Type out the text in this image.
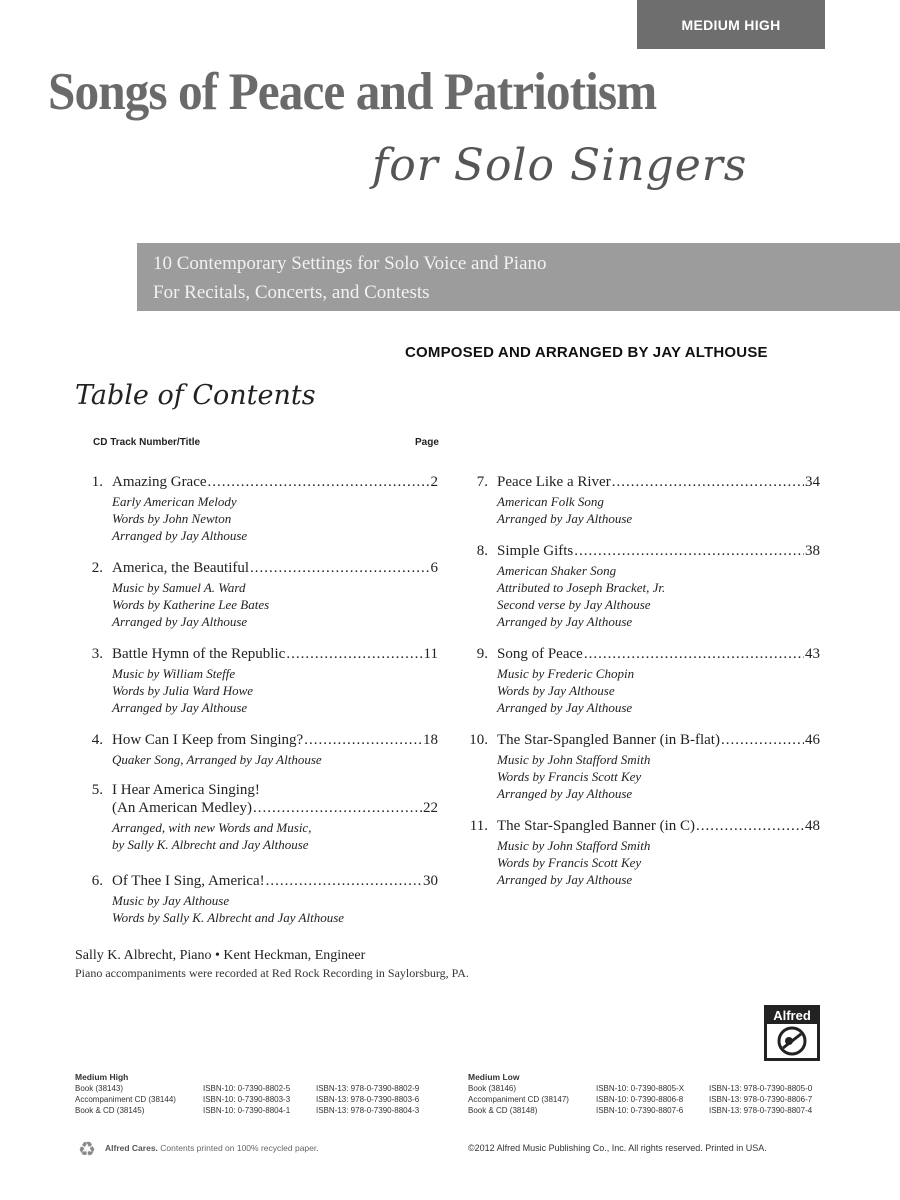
MEDIUM HIGH
Songs of Peace and Patriotism
for Solo Singers
10 Contemporary Settings for Solo Voice and Piano
For Recitals, Concerts, and Contests
COMPOSED AND ARRANGED BY JAY ALTHOUSE
Table of Contents
CD Track Number/Title	Page
1. Amazing Grace .....	2
Early American Melody
Words by John Newton
Arranged by Jay Althouse
2. America, the Beautiful .....	6
Music by Samuel A. Ward
Words by Katherine Lee Bates
Arranged by Jay Althouse
3. Battle Hymn of the Republic .....	11
Music by William Steffe
Words by Julia Ward Howe
Arranged by Jay Althouse
4. How Can I Keep from Singing? .....	18
Quaker Song, Arranged by Jay Althouse
5. I Hear America Singing!
(An American Medley) .....	22
Arranged, with new Words and Music,
by Sally K. Albrecht and Jay Althouse
6. Of Thee I Sing, America! .....	30
Music by Jay Althouse
Words by Sally K. Albrecht and Jay Althouse
7. Peace Like a River .....	34
American Folk Song
Arranged by Jay Althouse
8. Simple Gifts .....	38
American Shaker Song
Attributed to Joseph Bracket, Jr.
Second verse by Jay Althouse
Arranged by Jay Althouse
9. Song of Peace .....	43
Music by Frederic Chopin
Words by Jay Althouse
Arranged by Jay Althouse
10. The Star-Spangled Banner (in B-flat) .....	46
Music by John Stafford Smith
Words by Francis Scott Key
Arranged by Jay Althouse
11. The Star-Spangled Banner (in C) .....	48
Music by John Stafford Smith
Words by Francis Scott Key
Arranged by Jay Althouse
Sally K. Albrecht, Piano • Kent Heckman, Engineer
Piano accompaniments were recorded at Red Rock Recording in Saylorsburg, PA.
Alfred
Medium High
Book (38143)	ISBN-10: 0-7390-8802-5	ISBN-13: 978-0-7390-8802-9
Accompaniment CD (38144)	ISBN-10: 0-7390-8803-3	ISBN-13: 978-0-7390-8803-6
Book & CD (38145)	ISBN-10: 0-7390-8804-1	ISBN-13: 978-0-7390-8804-3
Medium Low
Book (38146)	ISBN-10: 0-7390-8805-X	ISBN-13: 978-0-7390-8805-0
Accompaniment CD (38147)	ISBN-10: 0-7390-8806-8	ISBN-13: 978-0-7390-8806-7
Book & CD (38148)	ISBN-10: 0-7390-8807-6	ISBN-13: 978-0-7390-8807-4
♻	Alfred Cares. Contents printed on 100% recycled paper.	©2012 Alfred Music Publishing Co., Inc. All rights reserved. Printed in USA.
